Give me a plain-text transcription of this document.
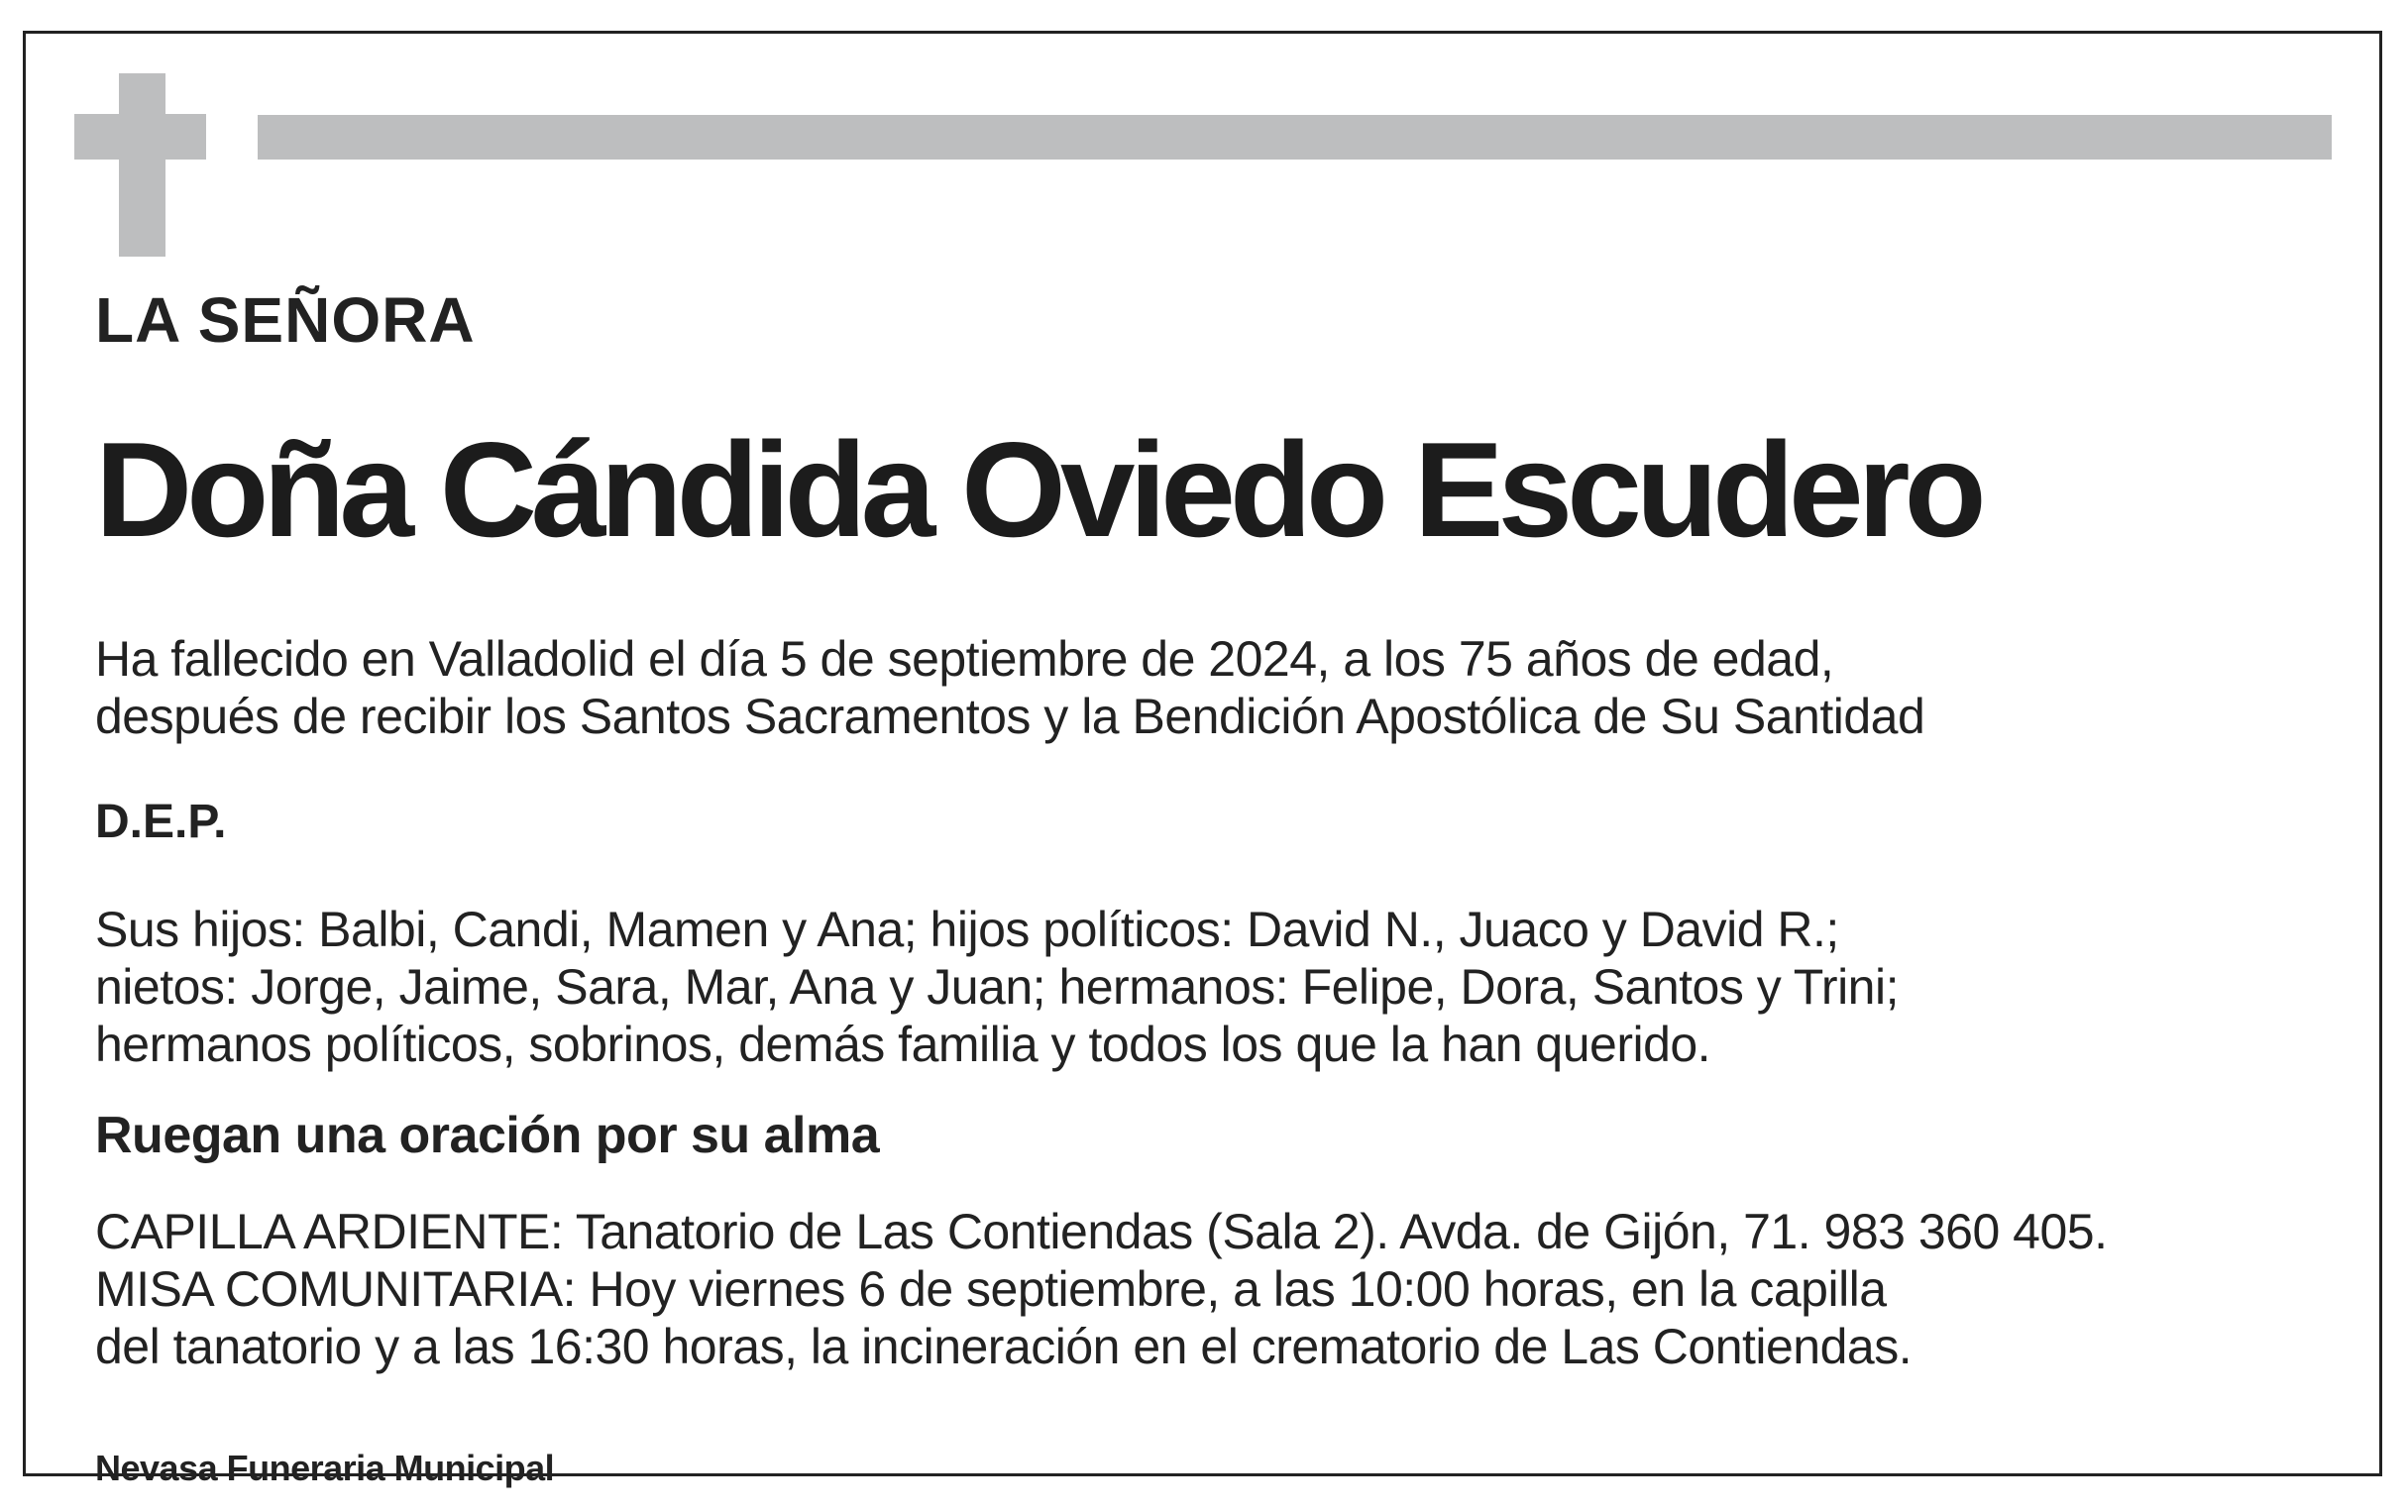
LA SEÑORA

Doña Cándida Oviedo Escudero

Ha fallecido en Valladolid el día 5 de septiembre de 2024, a los 75 años de edad,
después de recibir los Santos Sacramentos y la Bendición Apostólica de Su Santidad

D.E.P.

Sus hijos: Balbi, Candi, Mamen y Ana; hijos políticos: David N., Juaco y David R.;
nietos: Jorge, Jaime, Sara, Mar, Ana y Juan; hermanos: Felipe, Dora, Santos y Trini;
hermanos políticos, sobrinos, demás familia y todos los que la han querido.

Ruegan una oración por su alma

CAPILLA ARDIENTE: Tanatorio de Las Contiendas (Sala 2). Avda. de Gijón, 71. 983 360 405.
MISA COMUNITARIA: Hoy viernes 6 de septiembre, a las 10:00 horas, en la capilla
del tanatorio y a las 16:30 horas, la incineración en el crematorio de Las Contiendas.

Nevasa Funeraria Municipal
